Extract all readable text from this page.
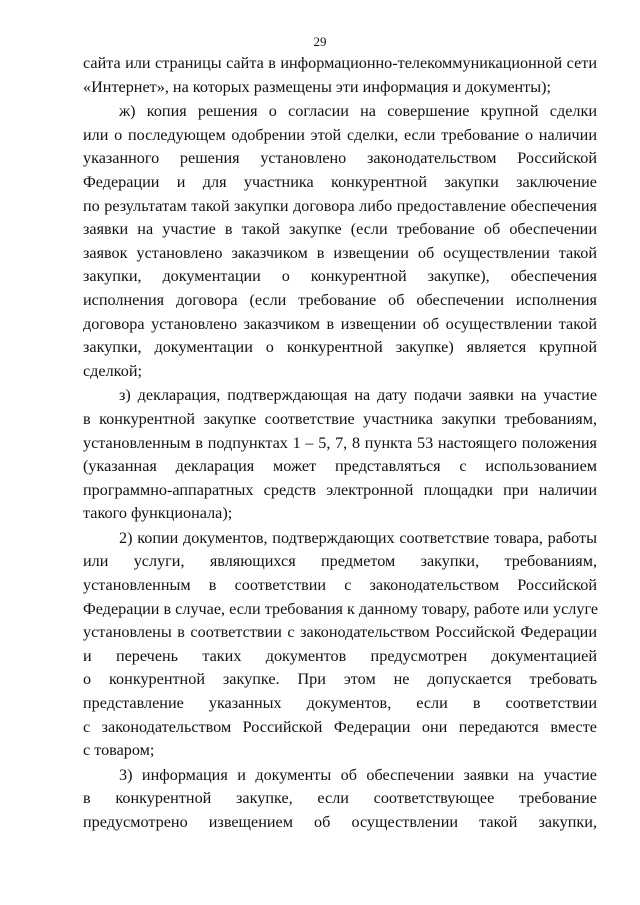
29

сайта или страницы сайта в информационно-телекоммуникационной сети
«Интернет», на которых размещены эти информация и документы);

ж) копия решения о согласии на совершение крупной сделки
или о последующем одобрении этой сделки, если требование о наличии
указанного решения установлено законодательством Российской
Федерации и для участника конкурентной закупки заключение
по результатам такой закупки договора либо предоставление обеспечения
заявки на участие в такой закупке (если требование об обеспечении
заявок установлено заказчиком в извещении об осуществлении такой
закупки, документации о конкурентной закупке), обеспечения
исполнения договора (если требование об обеспечении исполнения
договора установлено заказчиком в извещении об осуществлении такой
закупки, документации о конкурентной закупке) является крупной
сделкой;

з) декларация, подтверждающая на дату подачи заявки на участие
в конкурентной закупке соответствие участника закупки требованиям,
установленным в подпунктах 1 – 5, 7, 8 пункта 53 настоящего положения
(указанная декларация может представляться с использованием
программно-аппаратных средств электронной площадки при наличии
такого функционала);

2) копии документов, подтверждающих соответствие товара, работы
или услуги, являющихся предметом закупки, требованиям,
установленным в соответствии с законодательством Российской
Федерации в случае, если требования к данному товару, работе или услуге
установлены в соответствии с законодательством Российской Федерации
и перечень таких документов предусмотрен документацией
о конкурентной закупке. При этом не допускается требовать
представление указанных документов, если в соответствии
с законодательством Российской Федерации они передаются вместе
с товаром;

3) информация и документы об обеспечении заявки на участие
в конкурентной закупке, если соответствующее требование
предусмотрено извещением об осуществлении такой закупки,
